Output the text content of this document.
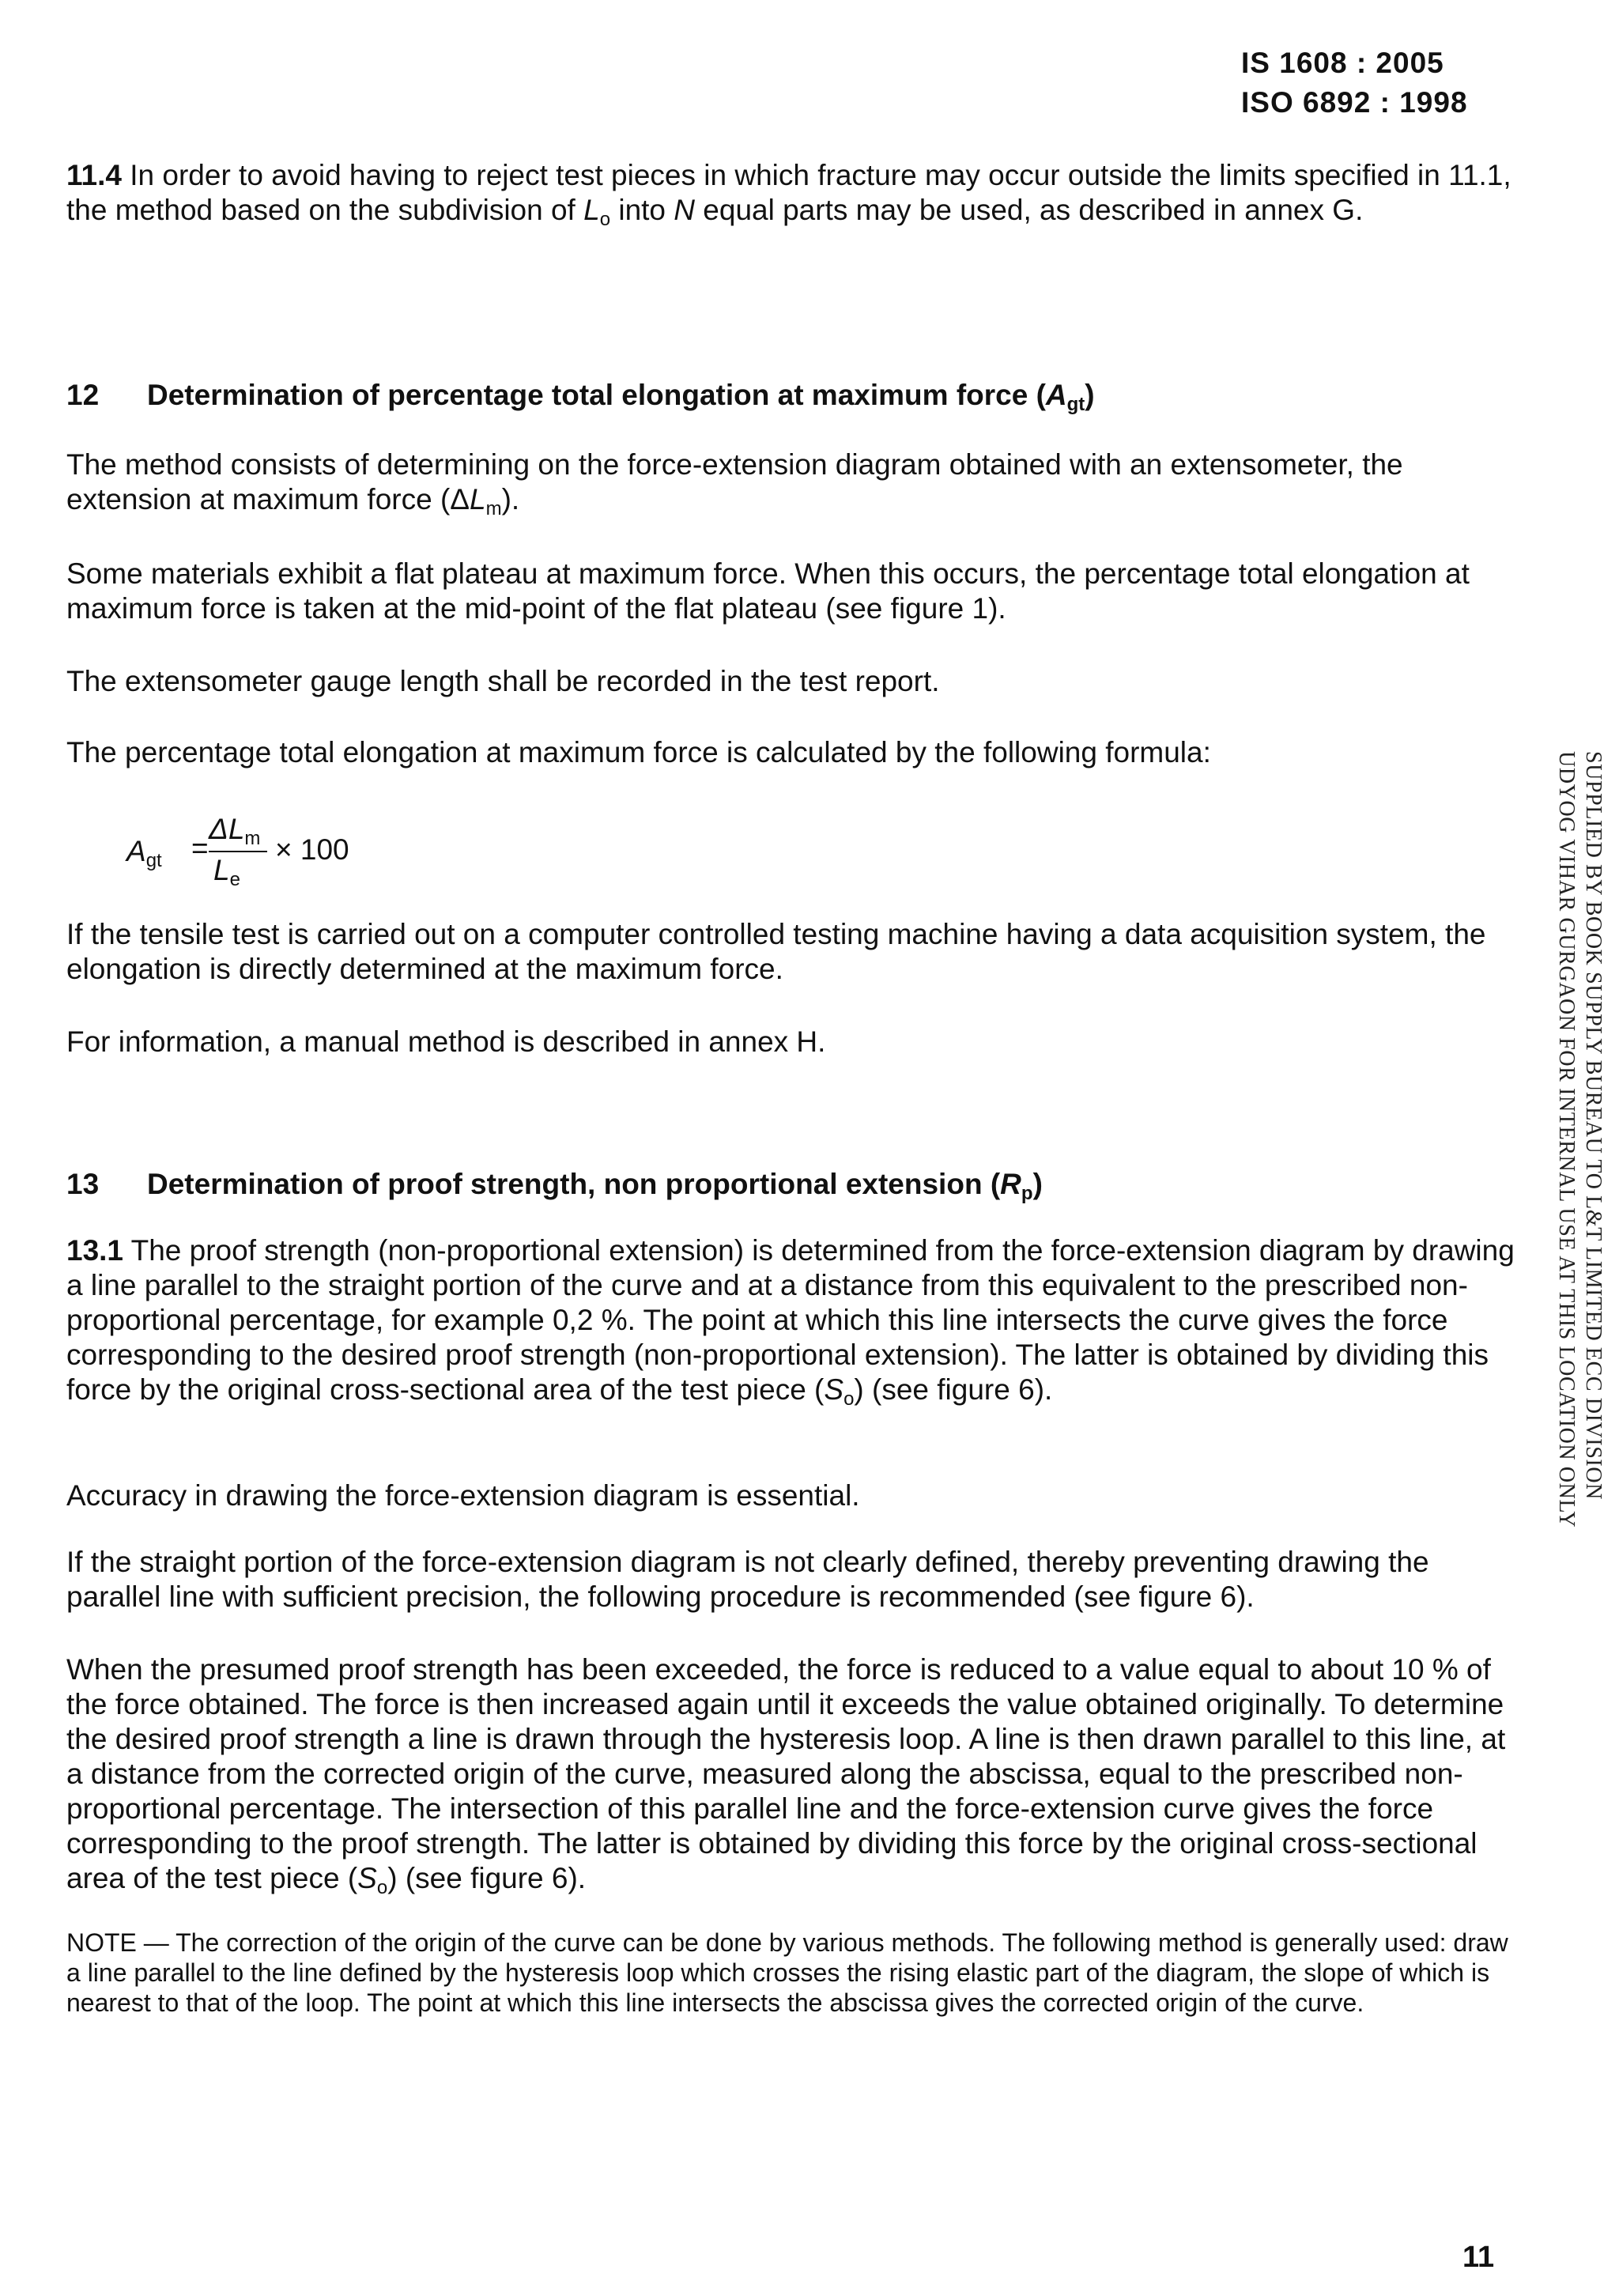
IS 1608 : 2005
ISO 6892 : 1998

11.4 In order to avoid having to reject test pieces in which fracture may occur outside the limits specified in 11.1, the method based on the subdivision of $L_o$ into N equal parts may be used, as described in annex G.

12 Determination of percentage total elongation at maximum force $(A_{gt})$

The method consists of determining on the force-extension diagram obtained with an extensometer, the extension at maximum force $(\Delta L_m)$.

Some materials exhibit a flat plateau at maximum force. When this occurs, the percentage total elongation at maximum force is taken at the mid-point of the flat plateau (see figure 1).

The extensometer gauge length shall be recorded in the test report.

The percentage total elongation at maximum force is calculated by the following formula:

$A_{gt}$ =
$\Delta L_m$
$L_e$
× 100

If the tensile test is carried out on a computer controlled testing machine having a data acquisition system, the elongation is directly determined at the maximum force.

For information, a manual method is described in annex H.

13 Determination of proof strength, non proportional extension $(R_p)$

13.1 The proof strength (non-proportional extension) is determined from the force-extension diagram by drawing a line parallel to the straight portion of the curve and at a distance from this equivalent to the prescribed non-proportional percentage, for example 0,2 %. The point at which this line intersects the curve gives the force corresponding to the desired proof strength (non-proportional extension). The latter is obtained by dividing this force by the original cross-sectional area of the test piece $(S_o)$ (see figure 6).

Accuracy in drawing the force-extension diagram is essential.

If the straight portion of the force-extension diagram is not clearly defined, thereby preventing drawing the parallel line with sufficient precision, the following procedure is recommended (see figure 6).

When the presumed proof strength has been exceeded, the force is reduced to a value equal to about 10 % of the force obtained. The force is then increased again until it exceeds the value obtained originally. To determine the desired proof strength a line is drawn through the hysteresis loop. A line is then drawn parallel to this line, at a distance from the corrected origin of the curve, measured along the abscissa, equal to the prescribed non-proportional percentage. The intersection of this parallel line and the force-extension curve gives the force corresponding to the proof strength. The latter is obtained by dividing this force by the original cross-sectional area of the test piece $(S_o)$ (see figure 6).

NOTE — The correction of the origin of the curve can be done by various methods. The following method is generally used: draw a line parallel to the line defined by the hysteresis loop which crosses the rising elastic part of the diagram, the slope of which is nearest to that of the loop. The point at which this line intersects the abscissa gives the corrected origin of the curve.

SUPPLIED BY BOOK SUPPLY BUREAU TO L&T LIMITED ECC DIVISION
UDYOG VIHAR GURGAON FOR INTERNAL USE AT THIS LOCATION ONLY
11
